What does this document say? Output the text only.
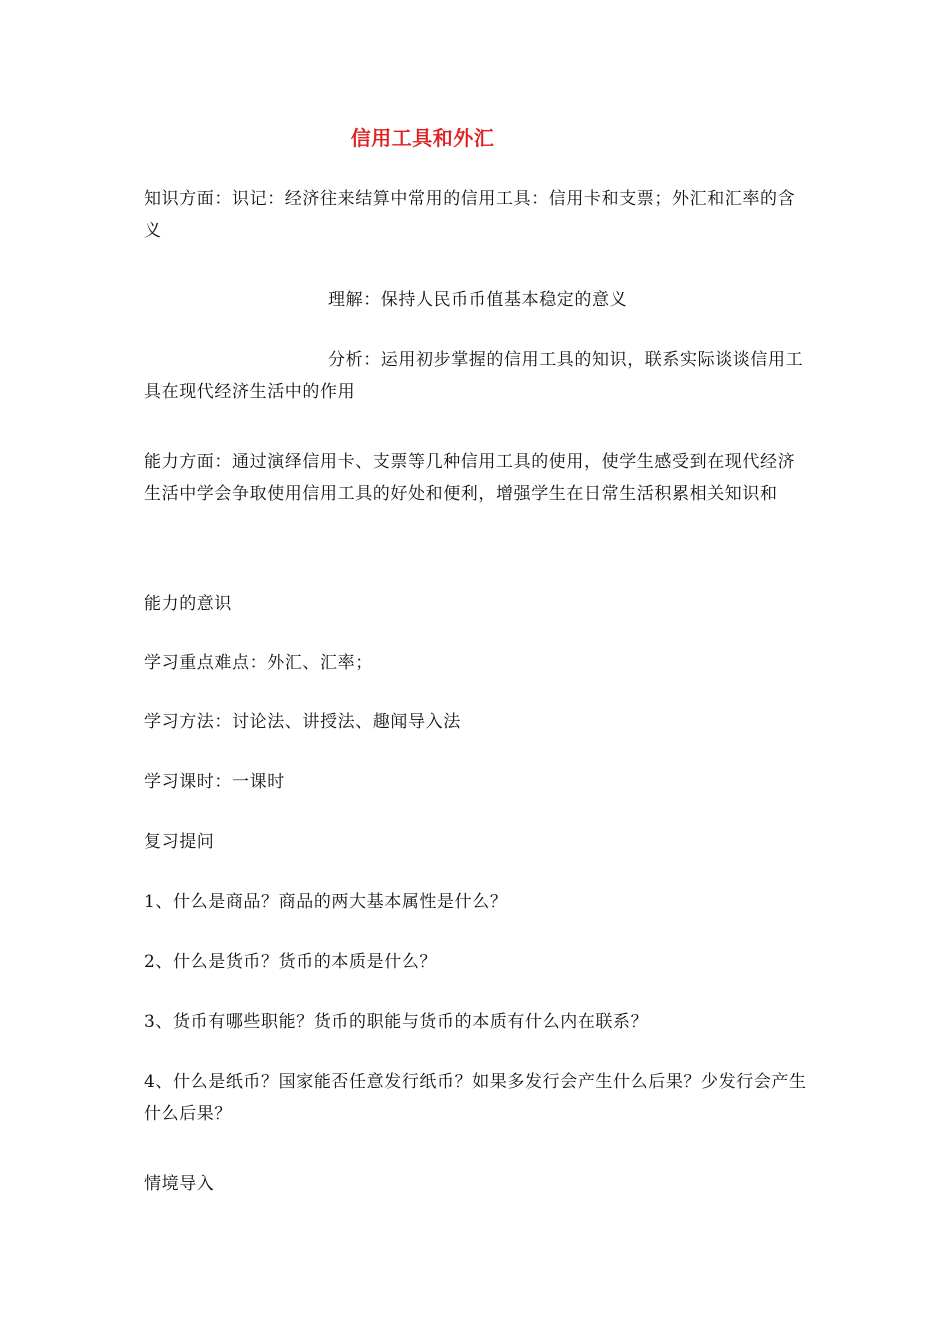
信用工具和外汇
知识方面：识记：经济往来结算中常用的信用工具：信用卡和支票；外汇和汇率的含义
理解：保持人民币币值基本稳定的意义
分析：运用初步掌握的信用工具的知识，联系实际谈谈信用工具在现代经济生活中的作用
能力方面：通过演绎信用卡、支票等几种信用工具的使用，使学生感受到在现代经济生活中学会争取使用信用工具的好处和便利，增强学生在日常生活积累相关知识和
能力的意识
学习重点难点：外汇、汇率；
学习方法：讨论法、讲授法、趣闻导入法
学习课时：一课时
复习提问
1、什么是商品？商品的两大基本属性是什么？
2、什么是货币？货币的本质是什么？
3、货币有哪些职能？货币的职能与货币的本质有什么内在联系？
4、什么是纸币？国家能否任意发行纸币？如果多发行会产生什么后果？少发行会产生什么后果？
情境导入
